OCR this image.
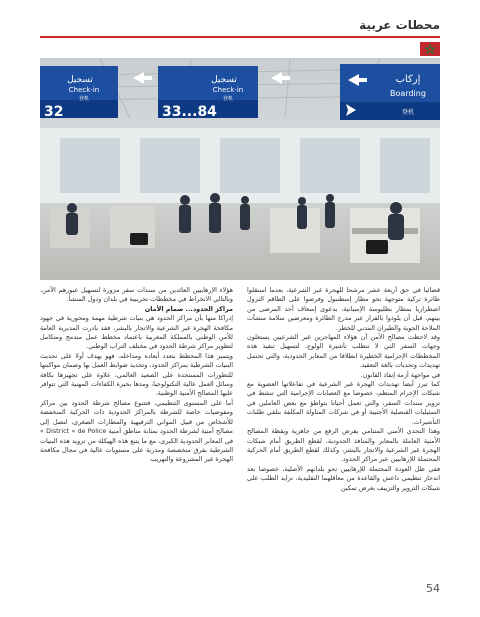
محطات عربية
تسجيل
Check-in
登机
32
تسجيل
Check-in
登机
33...84
إركاب
Boarding
登机

قضائيا في حق أربعة عشر مرشحا للهجرة غير الشرعية، بعدما استقلوا طائرة تركية متوجهة نحو مطار إسطنبول وفرضوا على الطاقم النزول اضطراريا بمطار بطليوسة الإسبانية، بدعوى إسعاف أحد المرضى من بينهم، قبل أن يلوذوا بالفرار عبر مدرج الطائرة ومعرضين سلامة منشآت الملاحة الجوية والطيران المدني للخطر.

وقد لاحظت مصالح الأمن أن هؤلاء المهاجرين غير الشرعيين يستغلون وجهات السفر التي لا تتطلب تأشيرة الولوج، لتسهيل تنفيذ هذه المخططات الإجرامية الخطيرة انطلاقا من المعابر الحدودية، والتي تحتمل تهديدات وتحديات بالغة التعقيد.

في مواجهة أزمة إنفاذ القانون.

كما تبرز أيضا تهديدات الهجرة غير الشرعية في تفاعلاتها العضوية مع شبكات الإجرام المنظم، خصوصا مع العصابات الإجرامية التي تنشط في تزوير سندات السفر، والتي تعمل أحيانا بتواطؤ مع بعض العاملين في التمثيليات القنصلية الأجنبية أو في شركات المناولة المكلفة بتلقي طلبات التأشيرات.

وهذا التحدي الأمني المتنامي يفرض الرفع من جاهزية ويقظة المصالح الأمنية العاملة بالمعابر والمنافذ الحدودية، لقطع الطريق أمام شبكات الهجرة غير الشرعية والاتجار بالبشر، وكذلك لقطع الطريق أمام الحركية المحتملة للإرهابيين عبر مراكز الحدود.

ففي ظل العودة المحتملة للإرهابيين نحو بلدانهم الأصلية، خصوصا بعد اندحار تنظيمي داعش والقاعدة من معاقلهما التقليدية، تزايد الطلب على شبكات التزوير والتزييف بغرض تمكين

هؤلاء الإرهابيين العائدين من سندات سفر مزورة لتسهيل عبورهم الآمن، وبالتالي الانخراط في مخططات تخريبية في بلدان ودول المنشأ.

مراكز الحدود... صمام الأمان

إدراكا منها بأن مراكز الحدود هي بنيات شرطية مهمة ومحورية في جهود مكافحة الهجرة غير الشرعية والاتجار بالبشر، فقد بادرت المديرية العامة للأمن الوطني بالمملكة المغربية باعتماد مخطط عمل مندمج ومتكامل لتطوير مراكز شرطة الحدود في مختلف التراب الوطني.

ويتميز هذا المخطط بتعدد أبعاده ومداخله، فهو يهدف أولا على تحديث البنيات الشرطية بمراكز الحدود، وتحديد ضوابط العمل بها وضمان مواكبتها للتطورات المستجدة على الصعيد العالمي، علاوة على تجهيزها بكافة وسائل العمل عالية التكنولوجيا، ومدها بخيرة الكفاءات المهنية التي تتوافر عليها المصالح الأمنية الوطنية.

أما على المستوى التنظيمي، فتتنوع مصالح شرطة الحدود بين مراكز ومفوضيات خاصة للشرطة بالمراكز الحدودية ذات الحركية المنخفضة للأشخاص من قبيل المواني الترفيهية والمطارات الصغرى، لتصل إلى مصالح أمنية لشرطة الحدود بمثابة مناطق أمنية District « de Police » في المعابر الحدودية الكبرى، مع ما يتبع هذه الهيكلة من تزويد هذه البنيات الشرطية بفرق متخصصة ومدربة على مستويات عالية في مجال مكافحة الهجرة غير المشروعة والتهريب

54
